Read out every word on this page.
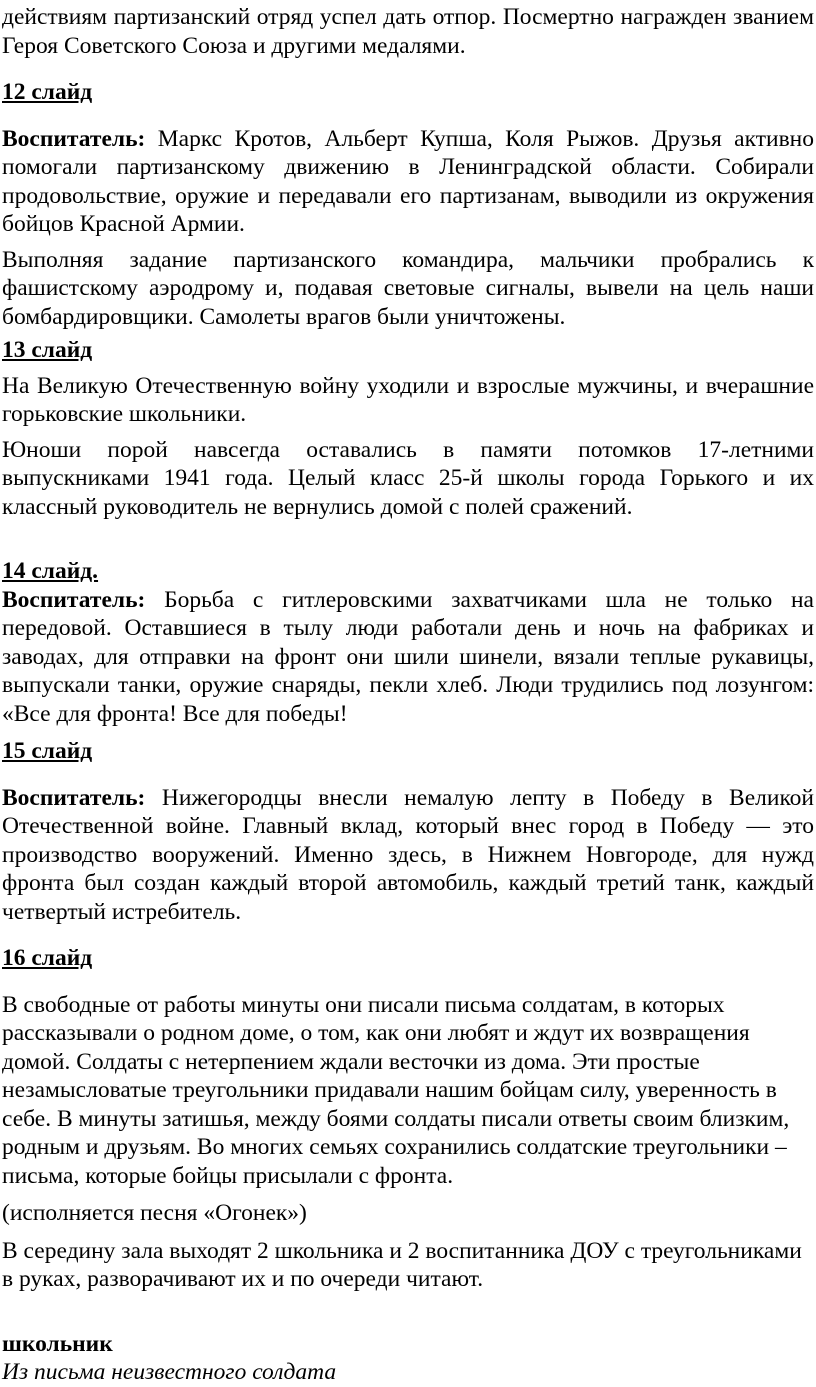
действиям партизанский отряд успел дать отпор. Посмертно награжден званием Героя Советского Союза и другими медалями.

12 слайд

Воспитатель: Маркс Кротов, Альберт Купша, Коля Рыжов. Друзья активно помогали партизанскому движению в Ленинградской области. Собирали продовольствие, оружие и передавали его партизанам, выводили из окружения бойцов Красной Армии.

Выполняя задание партизанского командира, мальчики пробрались к фашистскому аэродрому и, подавая световые сигналы, вывели на цель наши бомбардировщики. Самолеты врагов были уничтожены.

13 слайд

На Великую Отечественную войну уходили и взрослые мужчины, и вчерашние горьковские школьники.

Юноши порой навсегда оставались в памяти потомков 17-летними выпускниками 1941 года. Целый класс 25-й школы города Горького и их классный руководитель не вернулись домой с полей сражений.

14 слайд.

Воспитатель: Борьба с гитлеровскими захватчиками шла не только на передовой. Оставшиеся в тылу люди работали день и ночь на фабриках и заводах, для отправки на фронт они шили шинели, вязали теплые рукавицы, выпускали танки, оружие снаряды, пекли хлеб. Люди трудились под лозунгом: «Все для фронта! Все для победы!

15 слайд

Воспитатель: Нижегородцы внесли немалую лепту в Победу в Великой Отечественной войне. Главный вклад, который внес город в Победу — это производство вооружений. Именно здесь, в Нижнем Новгороде, для нужд фронта был создан каждый второй автомобиль, каждый третий танк, каждый четвертый истребитель.

16 слайд

В свободные от работы минуты они писали письма солдатам, в которых рассказывали о родном доме, о том, как они любят и ждут их возвращения домой. Солдаты с нетерпением ждали весточки из дома. Эти простые незамысловатые треугольники придавали нашим бойцам силу, уверенность в себе. В минуты затишья, между боями солдаты писали ответы своим близким, родным и друзьям. Во многих семьях сохранились солдатские треугольники – письма, которые бойцы присылали с фронта.

(исполняется песня «Огонек»)

В середину зала выходят 2 школьника и 2 воспитанника ДОУ с треугольниками в руках, разворачивают их и по очереди читают.

школьник

Из письма неизвестного солдата
